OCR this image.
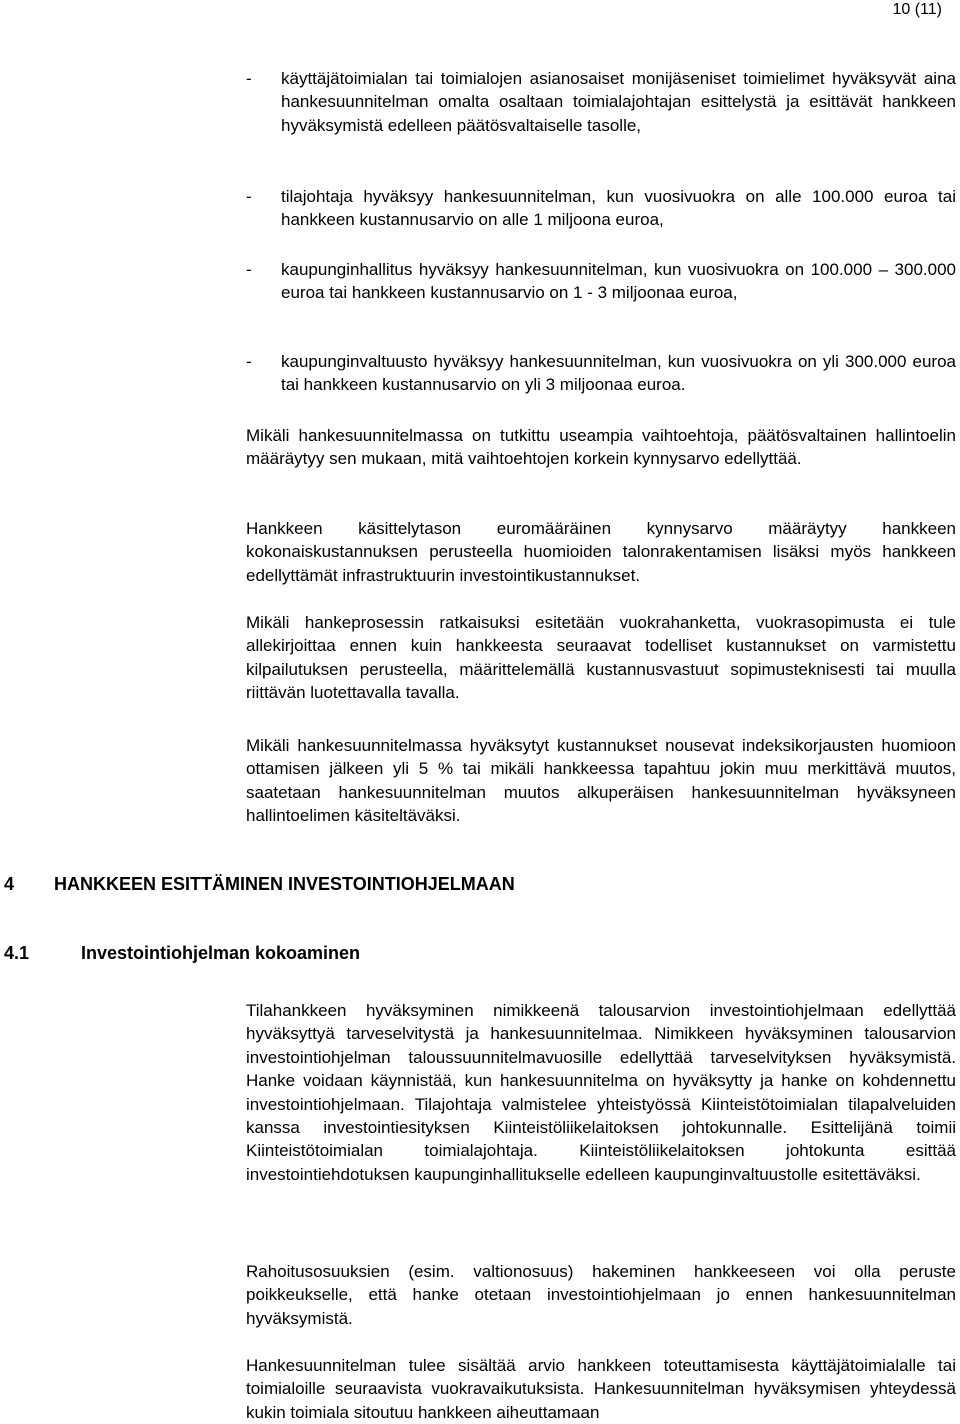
10 (11)

- käyttäjätoimialan tai toimialojen asianosaiset monijäseniset toimielimet hyväksyvät aina hankesuunnitelman omalta osaltaan toimialajohtajan esittelystä ja esittävät hankkeen hyväksymistä edelleen päätösvaltaiselle tasolle,

- tilajohtaja hyväksyy hankesuunnitelman, kun vuosivuokra on alle 100.000 euroa tai hankkeen kustannusarvio on alle 1 miljoona euroa,

- kaupunginhallitus hyväksyy hankesuunnitelman, kun vuosivuokra on 100.000 – 300.000 euroa tai hankkeen kustannusarvio on 1 - 3 miljoonaa euroa,

- kaupunginvaltuusto hyväksyy hankesuunnitelman, kun vuosivuokra on yli 300.000 euroa tai hankkeen kustannusarvio on yli 3 miljoonaa euroa.

Mikäli hankesuunnitelmassa on tutkittu useampia vaihtoehtoja, päätösvaltainen hallintoelin määräytyy sen mukaan, mitä vaihtoehtojen korkein kynnysarvo edellyttää.

Hankkeen käsittelytason euromääräinen kynnysarvo määräytyy hankkeen kokonaiskustannuksen perusteella huomioiden talonrakentamisen lisäksi myös hankkeen edellyttämät infrastruktuurin investointikustannukset.

Mikäli hankeprosessin ratkaisuksi esitetään vuokrahanketta, vuokrasopimusta ei tule allekirjoittaa ennen kuin hankkeesta seuraavat todelliset kustannukset on varmistettu kilpailutuksen perusteella, määrittelemällä kustannusvastuut sopimusteknisesti tai muulla riittävän luotettavalla tavalla.

Mikäli hankesuunnitelmassa hyväksytyt kustannukset nousevat indeksikorjausten huomioon ottamisen jälkeen yli 5 % tai mikäli hankkeessa tapahtuu jokin muu merkittävä muutos, saatetaan hankesuunnitelman muutos alkuperäisen hankesuunnitelman hyväksyneen hallintoelimen käsiteltäväksi.

4 HANKKEEN ESITTÄMINEN INVESTOINTIOHJELMAAN
4.1	Investointiohjelman kokoaminen

Tilahankkeen hyväksyminen nimikkeenä talousarvion investointiohjelmaan edellyttää hyväksyttyä tarveselvitystä ja hankesuunnitelmaa. Nimikkeen hyväksyminen talousarvion investointiohjelman taloussuunnitelmavuosille edellyttää tarveselvityksen hyväksymistä. Hanke voidaan käynnistää, kun hankesuunnitelma on hyväksytty ja hanke on kohdennettu investointiohjelmaan. Tilajohtaja valmistelee yhteistyössä Kiinteistötoimialan tilapalveluiden kanssa investointiesityksen Kiinteistöliikelaitoksen johtokunnalle. Esittelijänä toimii Kiinteistötoimialan toimialajohtaja. Kiinteistöliikelaitoksen johtokunta esittää investointiehdotuksen kaupunginhallitukselle edelleen kaupunginvaltuustolle esitettäväksi.

Rahoitusosuuksien (esim. valtionosuus) hakeminen hankkeeseen voi olla peruste poikkeukselle, että hanke otetaan investointiohjelmaan jo ennen hankesuunnitelman hyväksymistä.

Hankesuunnitelman tulee sisältää arvio hankkeen toteuttamisesta käyttäjätoimialalle tai toimialoille seuraavista vuokravaikutuksista. Hankesuunnitelman hyväksymisen yhteydessä kukin toimiala sitoutuu hankkeen aiheuttamaan
